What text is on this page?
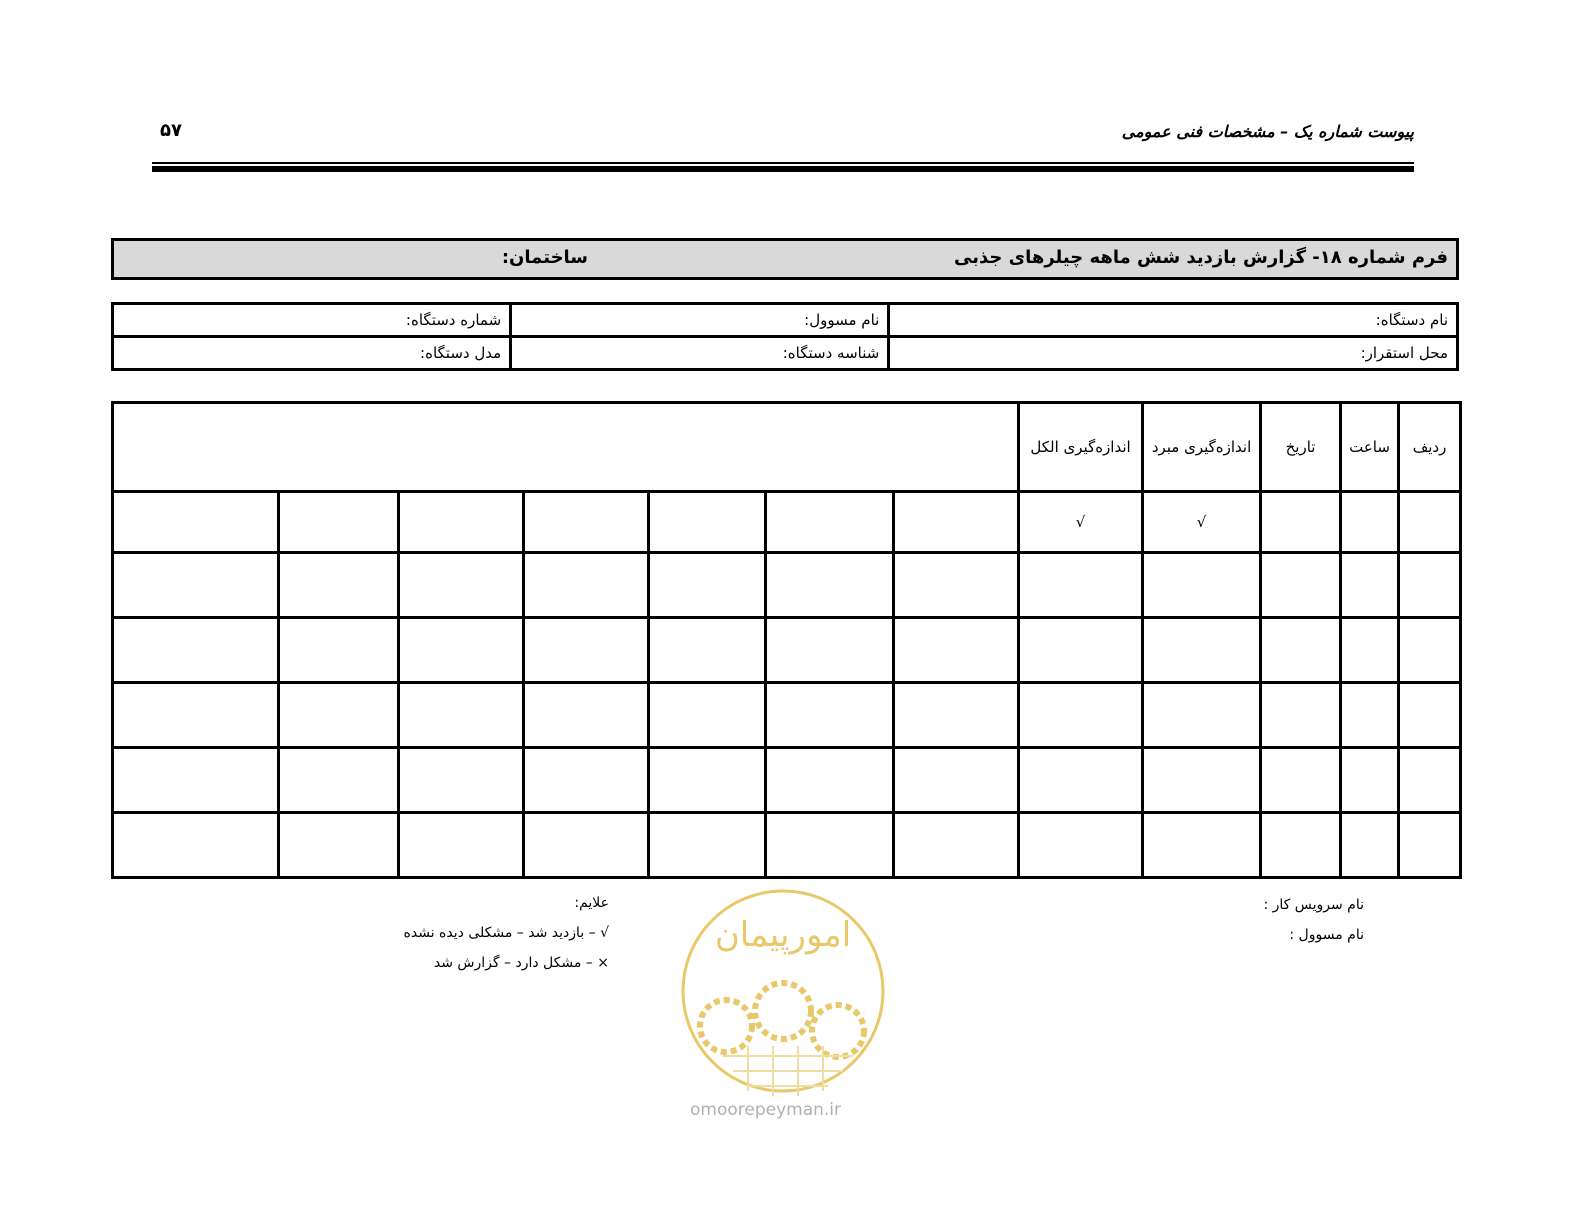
پیوست شماره یک – مشخصات فنی عمومی
۵۷
فرم شماره ۱۸- گزارش بازدید شش ماهه چیلرهای جذبی
ساختمان:
نام دستگاه:	نام مسوول:	شماره دستگاه:
محل استقرار:	شناسه دستگاه:	مدل دستگاه:
ردیف	ساعت	تاریخ	اندازه‌گیری مبرد	اندازه‌گیری الکل							
			√	√							

نام سرویس کار :
نام مسوول :
علایم:
√ – بازدید شد – مشکلی دیده نشده
× – مشکل دارد – گزارش شد
امورپیمان
omoorepeyman.ir
